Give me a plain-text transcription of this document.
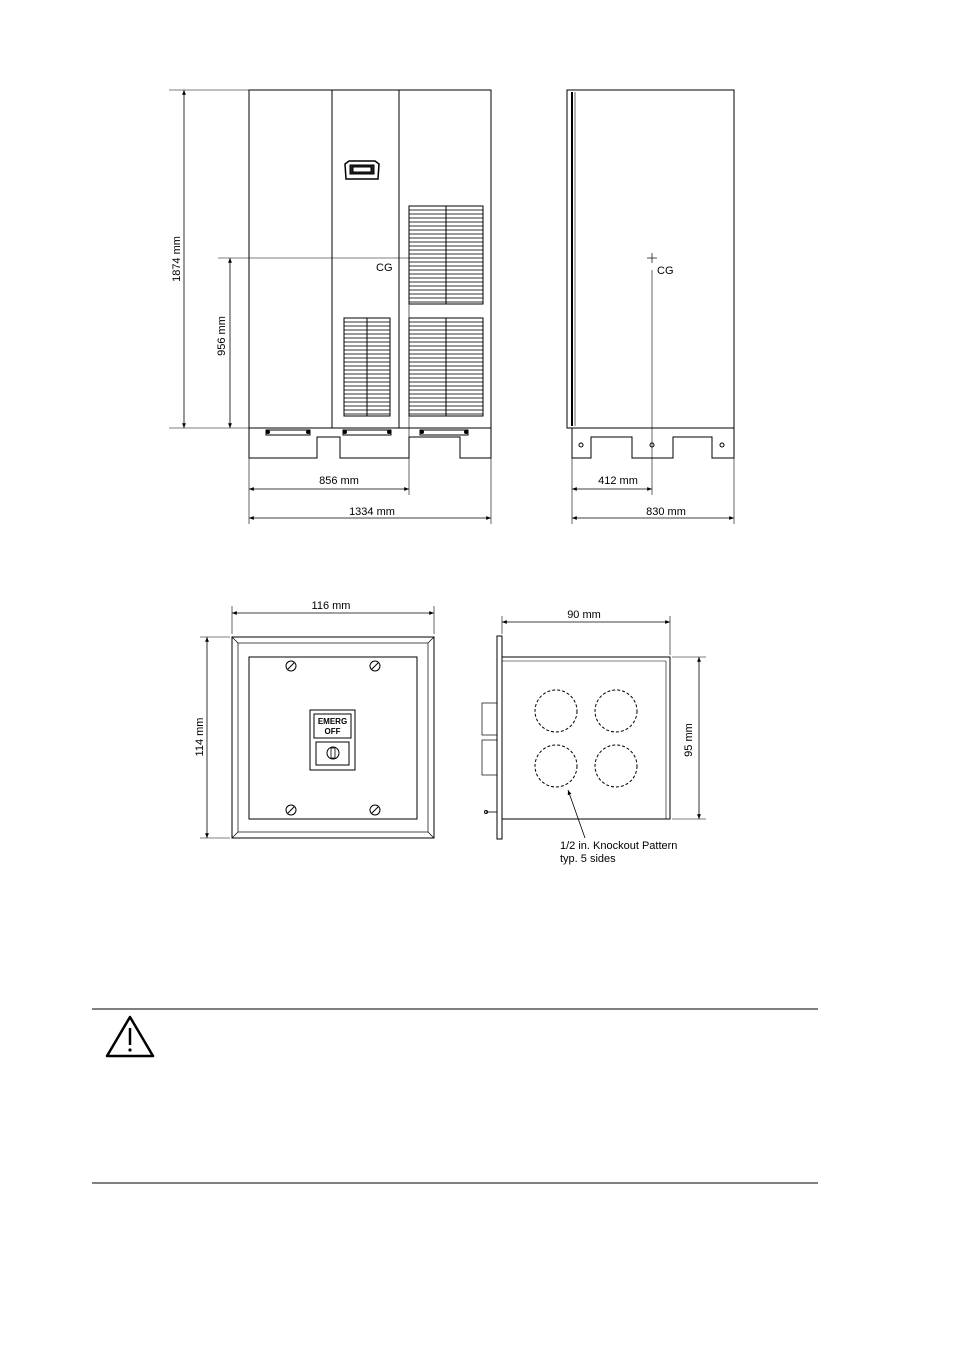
1874 mm
956 mm
856 mm
1334 mm
CG	CG
412 mm
830 mm
EMERG
OFF
116 mm
114 mm
90 mm
95 mm
1/2 in. Knockout Pattern
typ. 5 sides
